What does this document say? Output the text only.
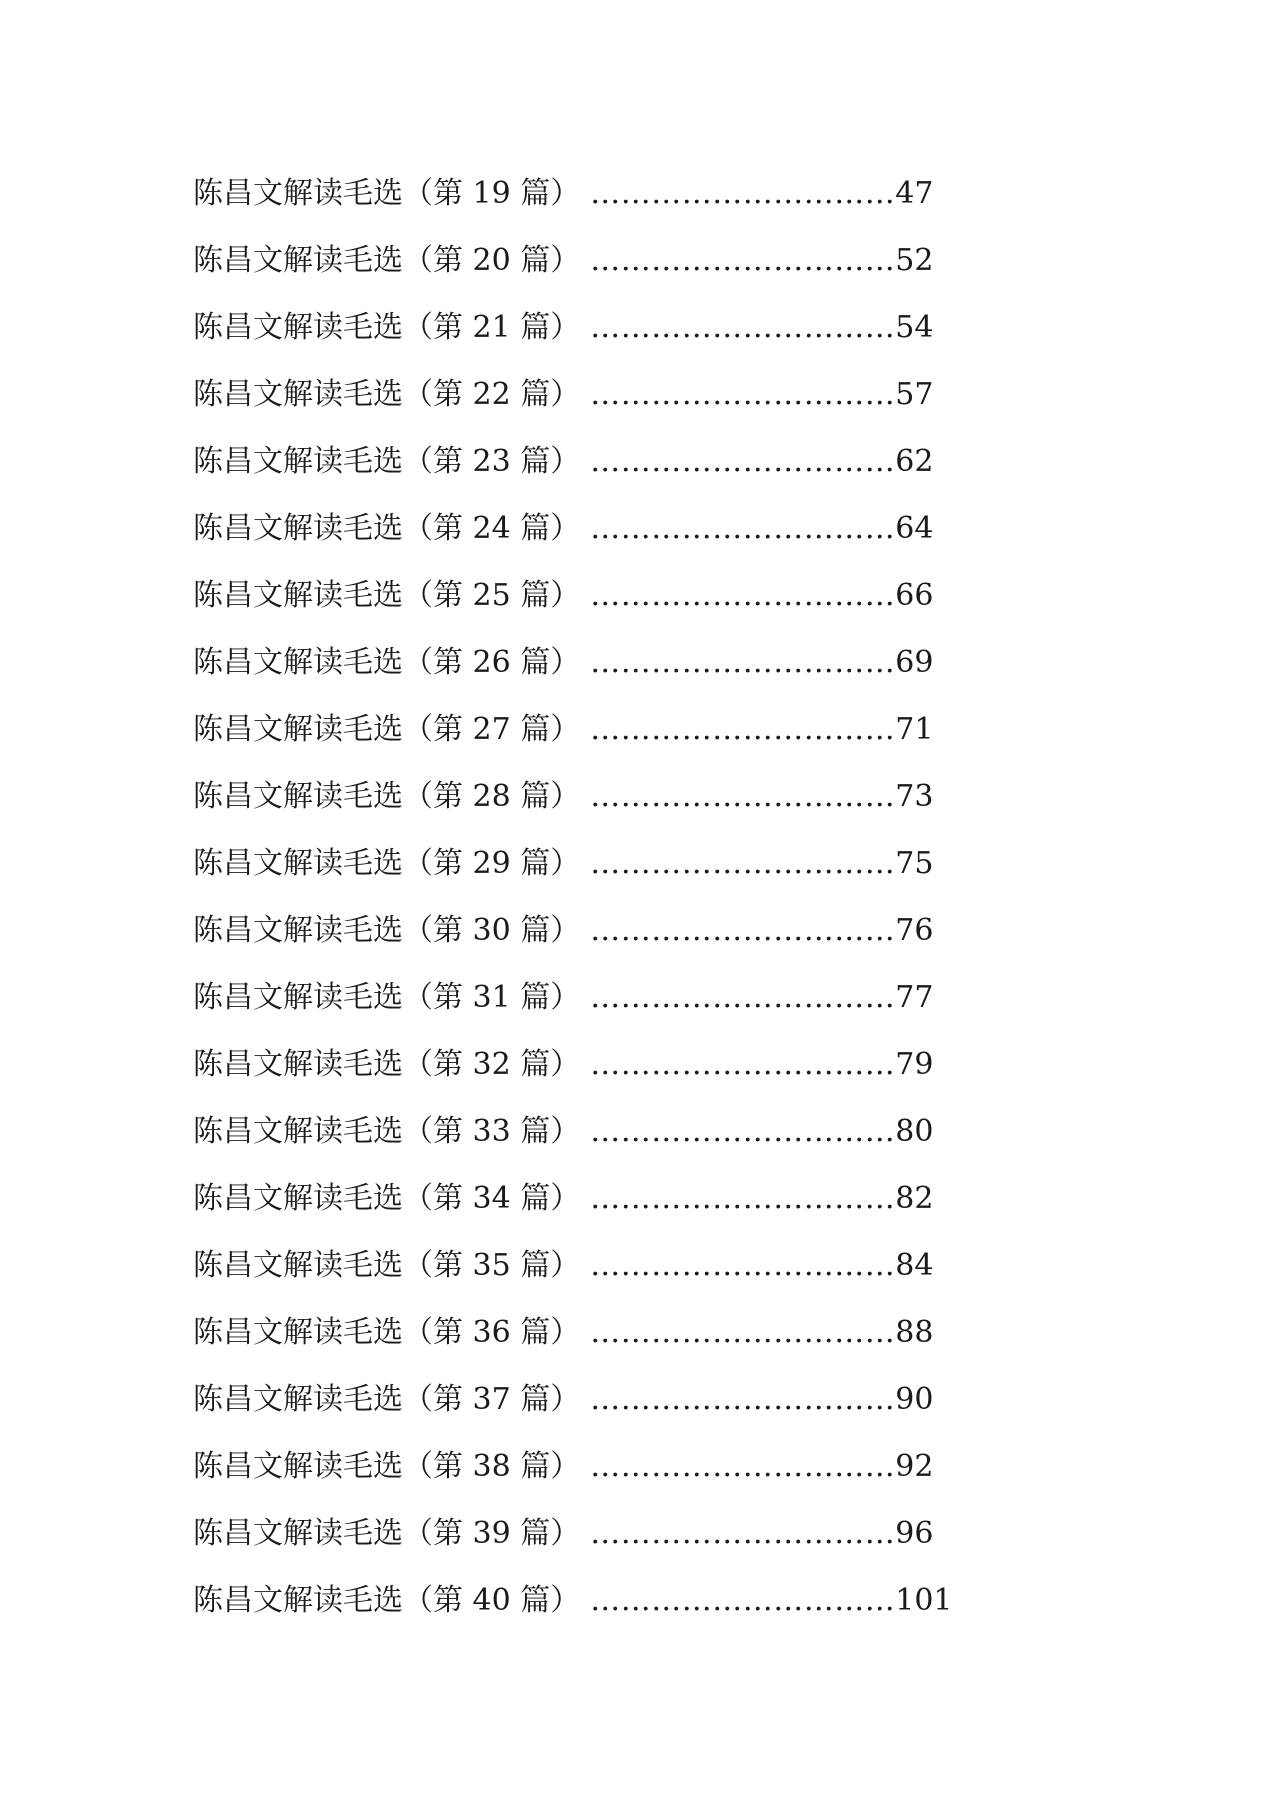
陈昌文解读毛选（第 19 篇） ………………………… 47
陈昌文解读毛选（第 20 篇） ………………………… 52
陈昌文解读毛选（第 21 篇） ………………………… 54
陈昌文解读毛选（第 22 篇） ………………………… 57
陈昌文解读毛选（第 23 篇） ………………………… 62
陈昌文解读毛选（第 24 篇） ………………………… 64
陈昌文解读毛选（第 25 篇） ………………………… 66
陈昌文解读毛选（第 26 篇） ………………………… 69
陈昌文解读毛选（第 27 篇） ………………………… 71
陈昌文解读毛选（第 28 篇） ………………………… 73
陈昌文解读毛选（第 29 篇） ………………………… 75
陈昌文解读毛选（第 30 篇） ………………………… 76
陈昌文解读毛选（第 31 篇） ………………………… 77
陈昌文解读毛选（第 32 篇） ………………………… 79
陈昌文解读毛选（第 33 篇） ………………………… 80
陈昌文解读毛选（第 34 篇） ………………………… 82
陈昌文解读毛选（第 35 篇） ………………………… 84
陈昌文解读毛选（第 36 篇） ………………………… 88
陈昌文解读毛选（第 37 篇） ………………………… 90
陈昌文解读毛选（第 38 篇） ………………………… 92
陈昌文解读毛选（第 39 篇） ………………………… 96
陈昌文解读毛选（第 40 篇） ………………………… 101
